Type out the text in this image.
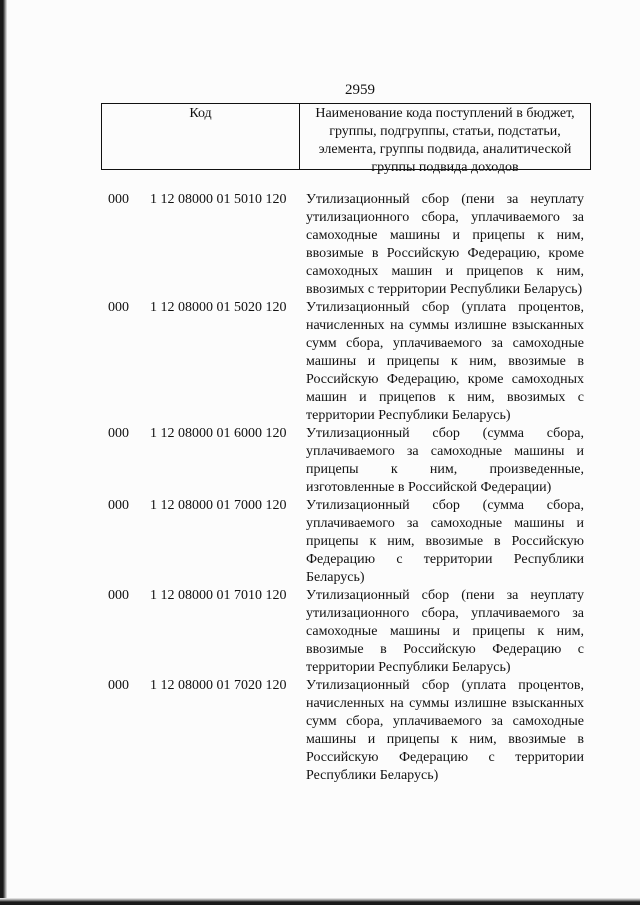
2959
Код	Наименование кода поступлений в бюджет, группы, подгруппы, статьи, подстатьи, элемента, группы подвида, аналитической группы подвида доходов
000 1 12 08000 01 5010 120 Утилизационный сбор (пени за неуплату утилизационного сбора, уплачиваемого за самоходные машины и прицепы к ним, ввозимые в Российскую Федерацию, кроме самоходных машин и прицепов к ним, ввозимых с территории Республики Беларусь)
000 1 12 08000 01 5020 120 Утилизационный сбор (уплата процентов, начисленных на суммы излишне взысканных сумм сбора, уплачиваемого за самоходные машины и прицепы к ним, ввозимые в Российскую Федерацию, кроме самоходных машин и прицепов к ним, ввозимых с территории Республики Беларусь)
000 1 12 08000 01 6000 120 Утилизационный сбор (сумма сбора, уплачиваемого за самоходные машины и прицепы к ним, произведенные, изготовленные в Российской Федерации)
000 1 12 08000 01 7000 120 Утилизационный сбор (сумма сбора, уплачиваемого за самоходные машины и прицепы к ним, ввозимые в Российскую Федерацию с территории Республики Беларусь)
000 1 12 08000 01 7010 120 Утилизационный сбор (пени за неуплату утилизационного сбора, уплачиваемого за самоходные машины и прицепы к ним, ввозимые в Российскую Федерацию с территории Республики Беларусь)
000 1 12 08000 01 7020 120 Утилизационный сбор (уплата процентов, начисленных на суммы излишне взысканных сумм сбора, уплачиваемого за самоходные машины и прицепы к ним, ввозимые в Российскую Федерацию с территории Республики Беларусь)
